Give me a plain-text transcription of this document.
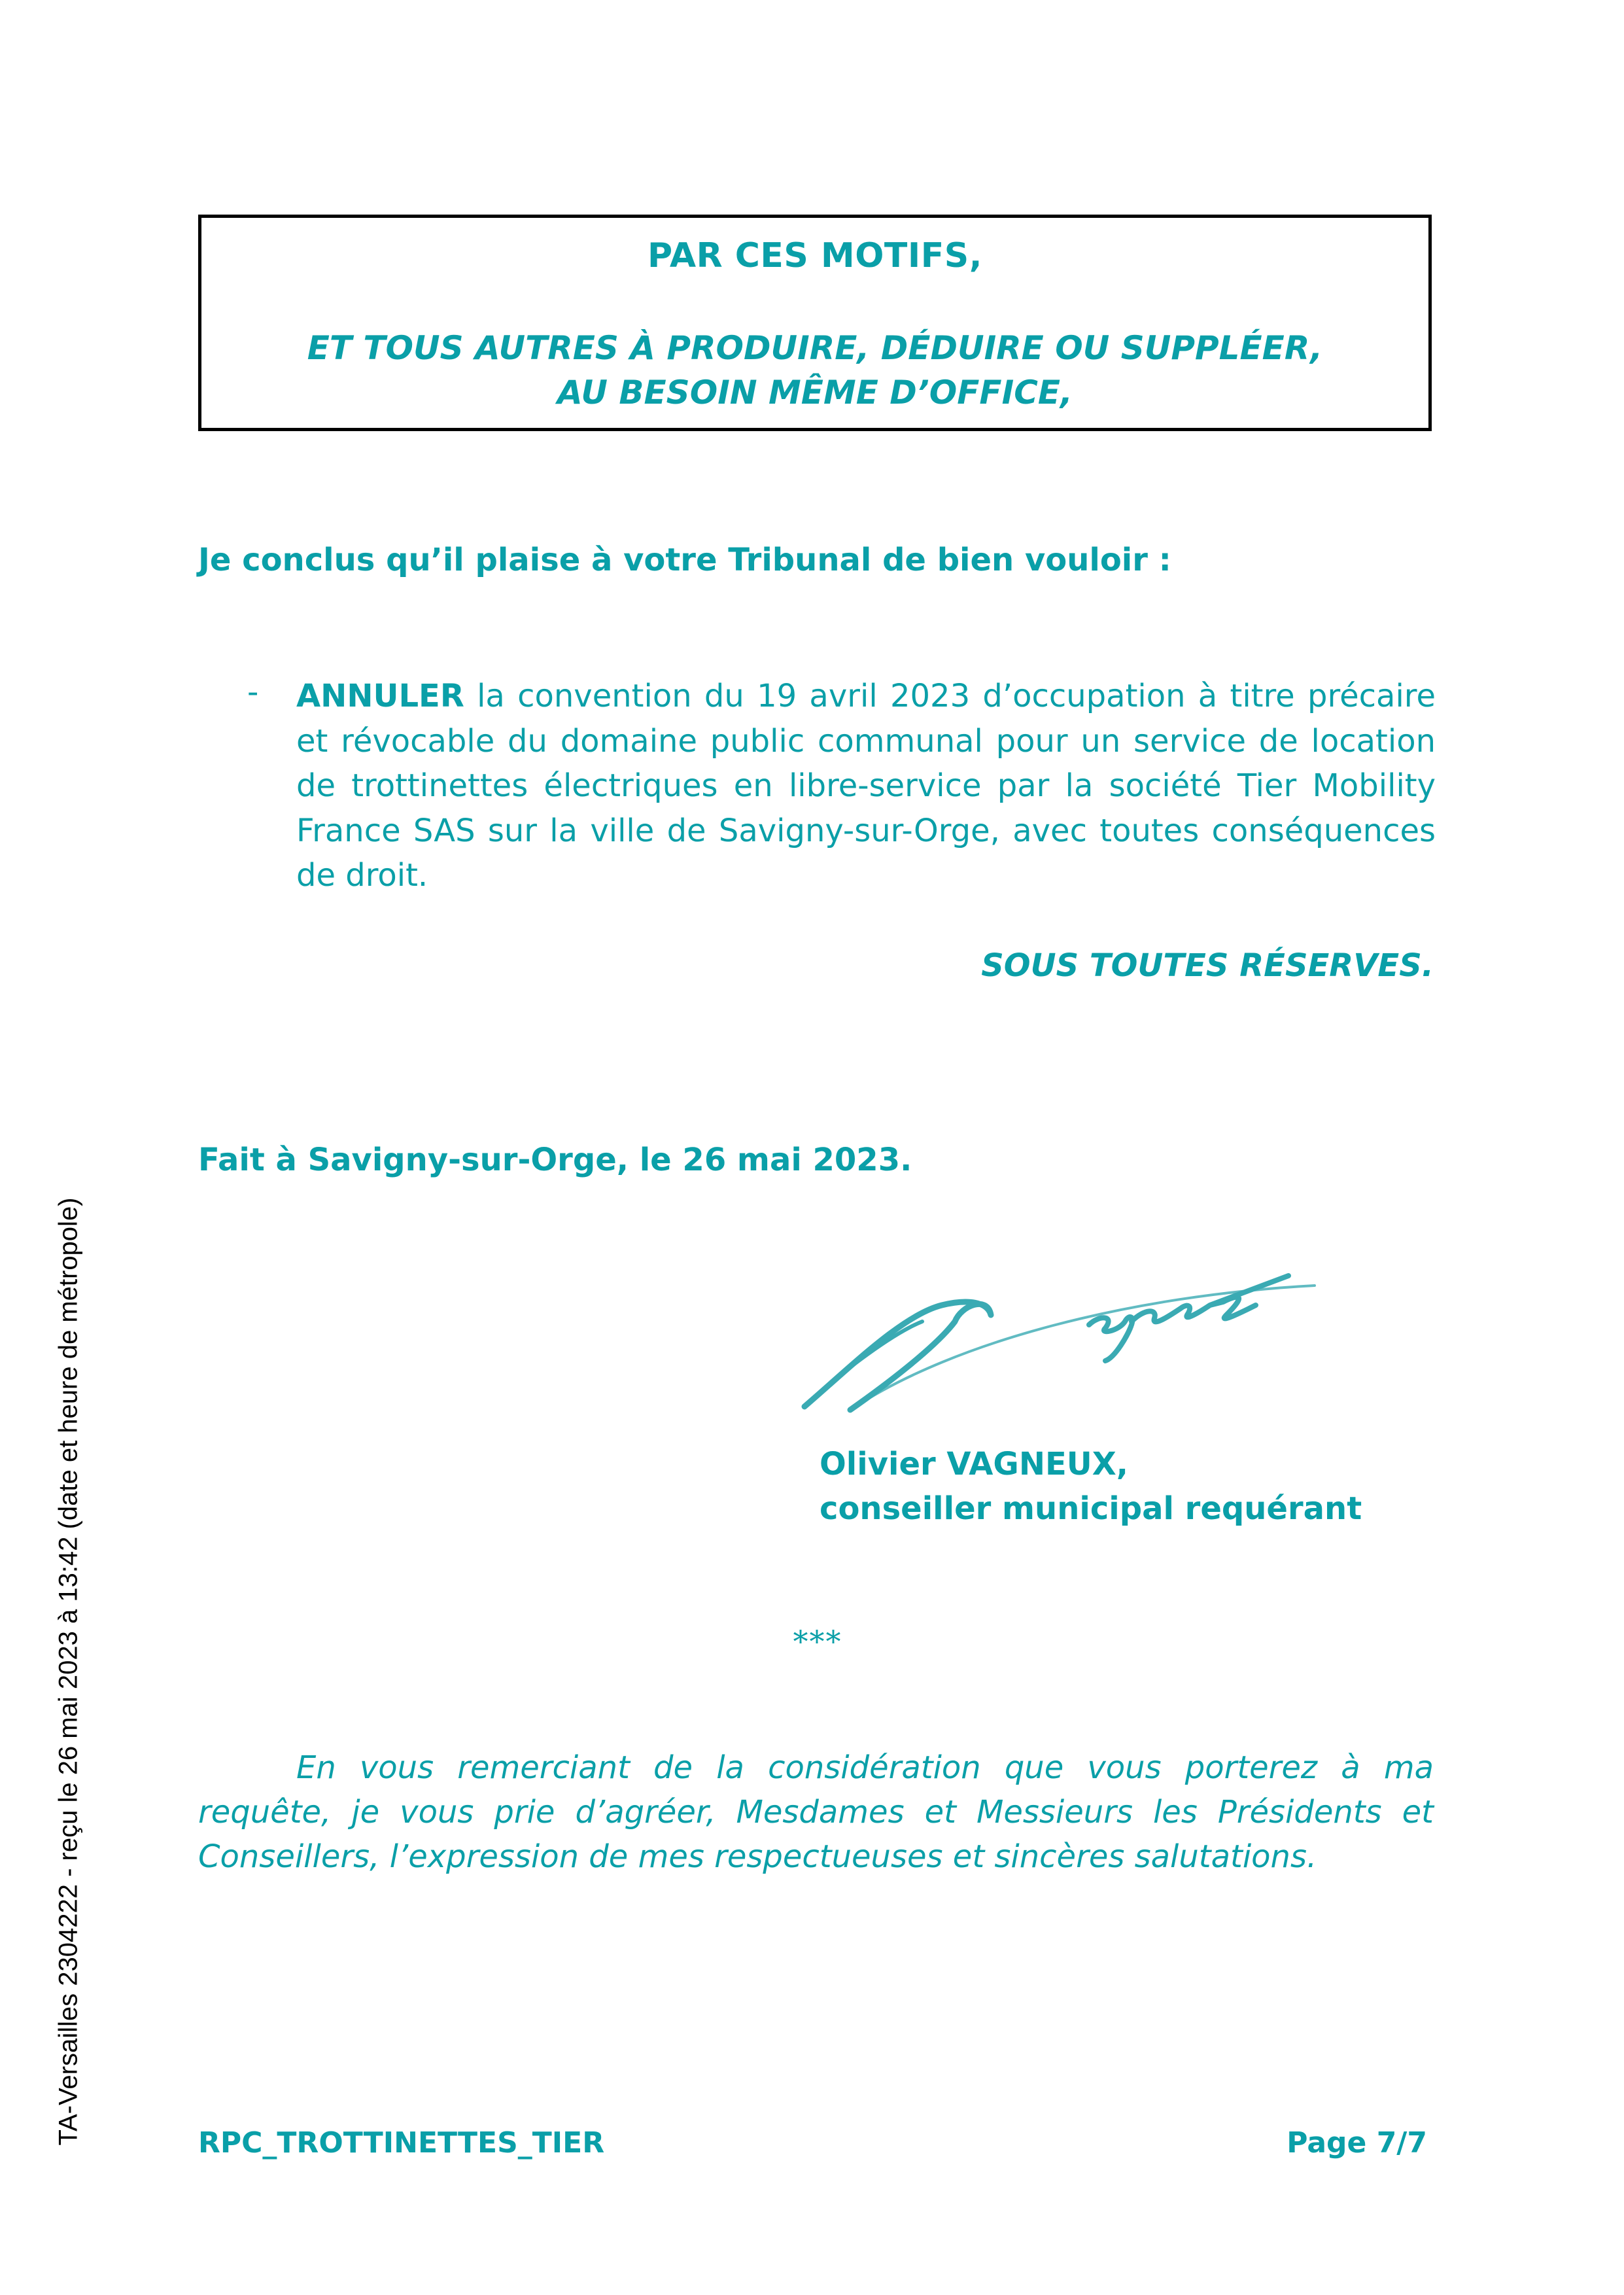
PAR CES MOTIFS,
ET TOUS AUTRES À PRODUIRE, DÉDUIRE OU SUPPLÉER,
AU BESOIN MÊME D’OFFICE,
Je conclus qu’il plaise à votre Tribunal de bien vouloir :
- ANNULER la convention du 19 avril 2023 d’occupation à titre précaire et révocable du domaine public communal pour un service de location de trottinettes électriques en libre-service par la société Tier Mobility France SAS sur la ville de Savigny-sur-Orge, avec toutes conséquences de droit.
SOUS TOUTES RÉSERVES.
Fait à Savigny-sur-Orge, le 26 mai 2023.
Olivier VAGNEUX,
conseiller municipal requérant
***
En vous remerciant de la considération que vous porterez à ma requête, je vous prie d’agréer, Mesdames et Messieurs les Présidents et Conseillers, l’expression de mes respectueuses et sincères salutations.
RPC_TROTTINETTES_TIER	Page 7/7
TA-Versailles 2304222 - reçu le 26 mai 2023 à 13:42 (date et heure de métropole)
